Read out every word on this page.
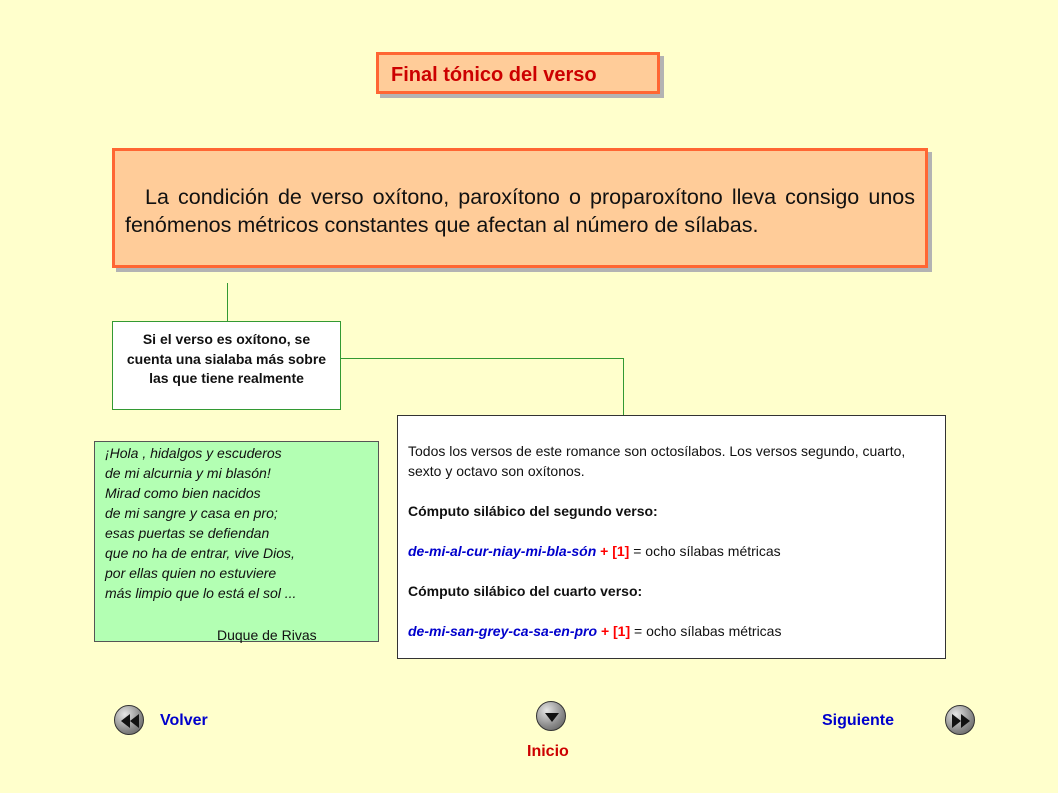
Final tónico del verso
La condición de verso oxítono, paroxítono o proparoxítono lleva consigo unos fenómenos métricos constantes que afectan al número de sílabas.
Si el verso es oxítono, se cuenta una sialaba más sobre las que tiene realmente
¡Hola , hidalgos y escuderos
de mi alcurnia y mi blasón!
Mirad como bien nacidos
de mi sangre y casa en pro;
esas puertas se defiendan
que no ha de entrar, vive Dios,
por ellas quien no estuviere
más limpio que lo está el sol ...
Duque de Rivas
Todos los versos de este romance son octosílabos. Los versos segundo, cuarto, sexto y octavo son oxítonos.
Cómputo silábico del segundo verso:
de-mi-al-cur-niay-mi-bla-són + [1] = ocho sílabas métricas
Cómputo silábico del cuarto verso:
de-mi-san-grey-ca-sa-en-pro + [1] = ocho sílabas métricas
Volver
Inicio
Siguiente
